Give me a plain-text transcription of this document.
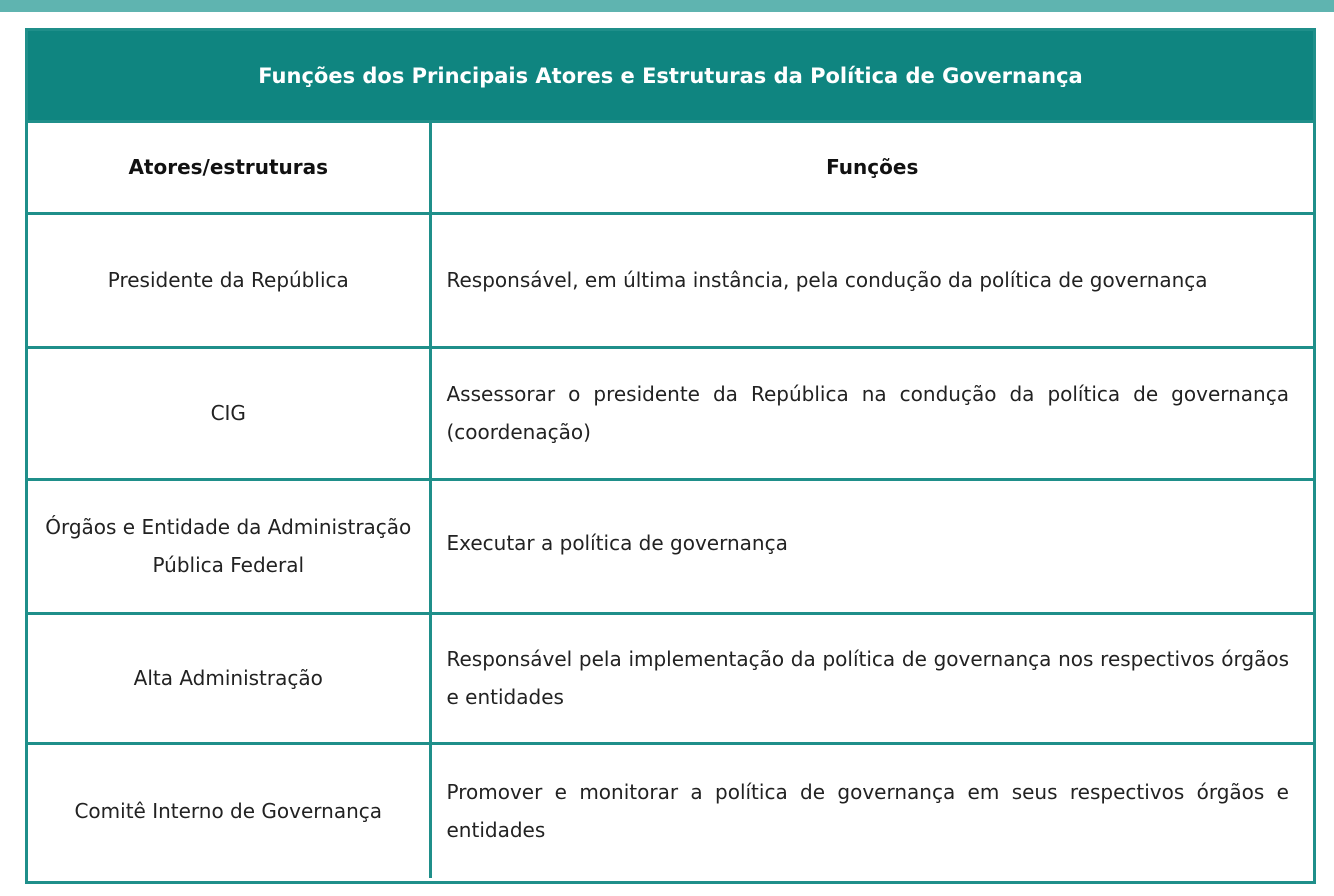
Funções dos Principais Atores e Estruturas da Política de Governança
Atores/estruturas	Funções
Presidente da República	Responsável, em última instância, pela condução da política de governança

CIG	Assessorar o presidente da República na condução da política de governança (coordenação)

Órgãos e Entidade da Administração Pública Federal	Executar a política de governança

Alta Administração	Responsável pela implementação da política de governança nos respectivos órgãos e entidades

Comitê Interno de Governança	Promover e monitorar a política de governança em seus respectivos órgãos e entidades
